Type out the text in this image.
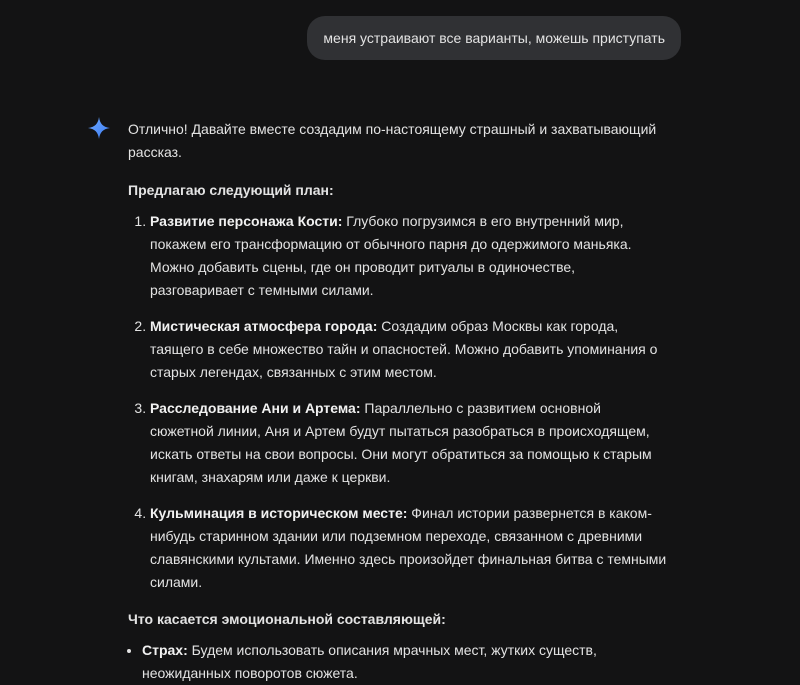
меня устраивают все варианты, можешь приступать

Отлично! Давайте вместе создадим по-настоящему страшный и захватывающий рассказ.

Предлагаю следующий план:

1. Развитие персонажа Кости: Глубоко погрузимся в его внутренний мир, покажем его трансформацию от обычного парня до одержимого маньяка. Можно добавить сцены, где он проводит ритуалы в одиночестве, разговаривает с темными силами.
2. Мистическая атмосфера города: Создадим образ Москвы как города, таящего в себе множество тайн и опасностей. Можно добавить упоминания о старых легендах, связанных с этим местом.
3. Расследование Ани и Артема: Параллельно с развитием основной сюжетной линии, Аня и Артем будут пытаться разобраться в происходящем, искать ответы на свои вопросы. Они могут обратиться за помощью к старым книгам, знахарям или даже к церкви.
4. Кульминация в историческом месте: Финал истории развернется в каком-нибудь старинном здании или подземном переходе, связанном с древними славянскими культами. Именно здесь произойдет финальная битва с темными силами.

Что касается эмоциональной составляющей:

• Страх: Будем использовать описания мрачных мест, жутких существ, неожиданных поворотов сюжета.
